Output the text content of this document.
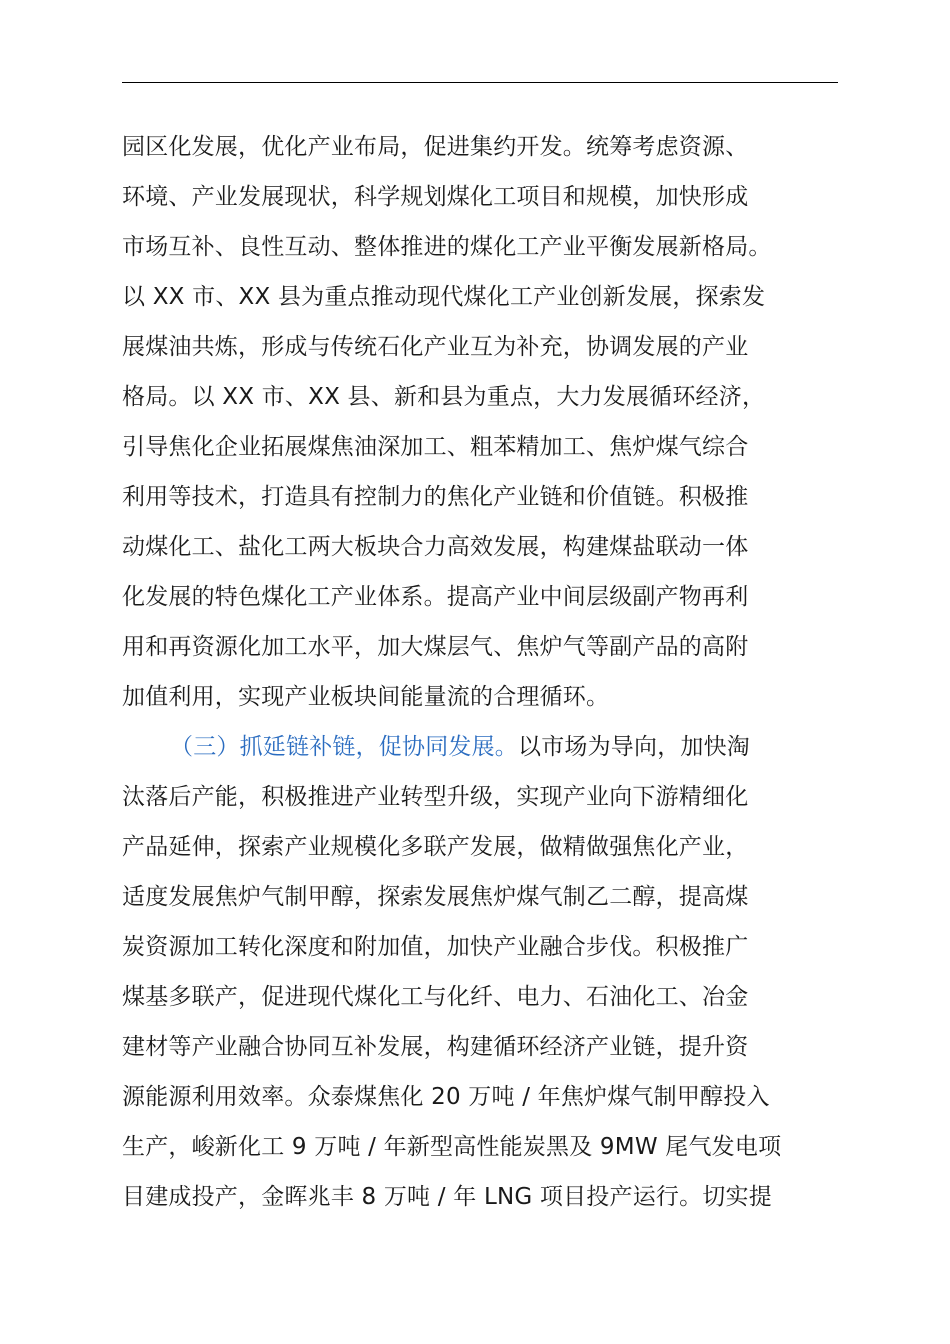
园区化发展，优化产业布局，促进集约开发。统筹考虑资源、
环境、产业发展现状，科学规划煤化工项目和规模，加快形成
市场互补、良性互动、整体推进的煤化工产业平衡发展新格局。
以 XX 市、XX 县为重点推动现代煤化工产业创新发展，探索发
展煤油共炼，形成与传统石化产业互为补充，协调发展的产业
格局。以 XX 市、XX 县、新和县为重点，大力发展循环经济，
引导焦化企业拓展煤焦油深加工、粗苯精加工、焦炉煤气综合
利用等技术，打造具有控制力的焦化产业链和价值链。积极推
动煤化工、盐化工两大板块合力高效发展，构建煤盐联动一体
化发展的特色煤化工产业体系。提高产业中间层级副产物再利
用和再资源化加工水平，加大煤层气、焦炉气等副产品的高附
加值利用，实现产业板块间能量流的合理循环。
（三）抓延链补链，促协同发展。以市场为导向，加快淘
汰落后产能，积极推进产业转型升级，实现产业向下游精细化
产品延伸，探索产业规模化多联产发展，做精做强焦化产业，
适度发展焦炉气制甲醇，探索发展焦炉煤气制乙二醇，提高煤
炭资源加工转化深度和附加值，加快产业融合步伐。积极推广
煤基多联产，促进现代煤化工与化纤、电力、石油化工、冶金
建材等产业融合协同互补发展，构建循环经济产业链，提升资
源能源利用效率。众泰煤焦化 20 万吨 / 年焦炉煤气制甲醇投入
生产，峻新化工 9 万吨 / 年新型高性能炭黑及 9MW 尾气发电项
目建成投产，金晖兆丰 8 万吨 / 年 LNG 项目投产运行。切实提
